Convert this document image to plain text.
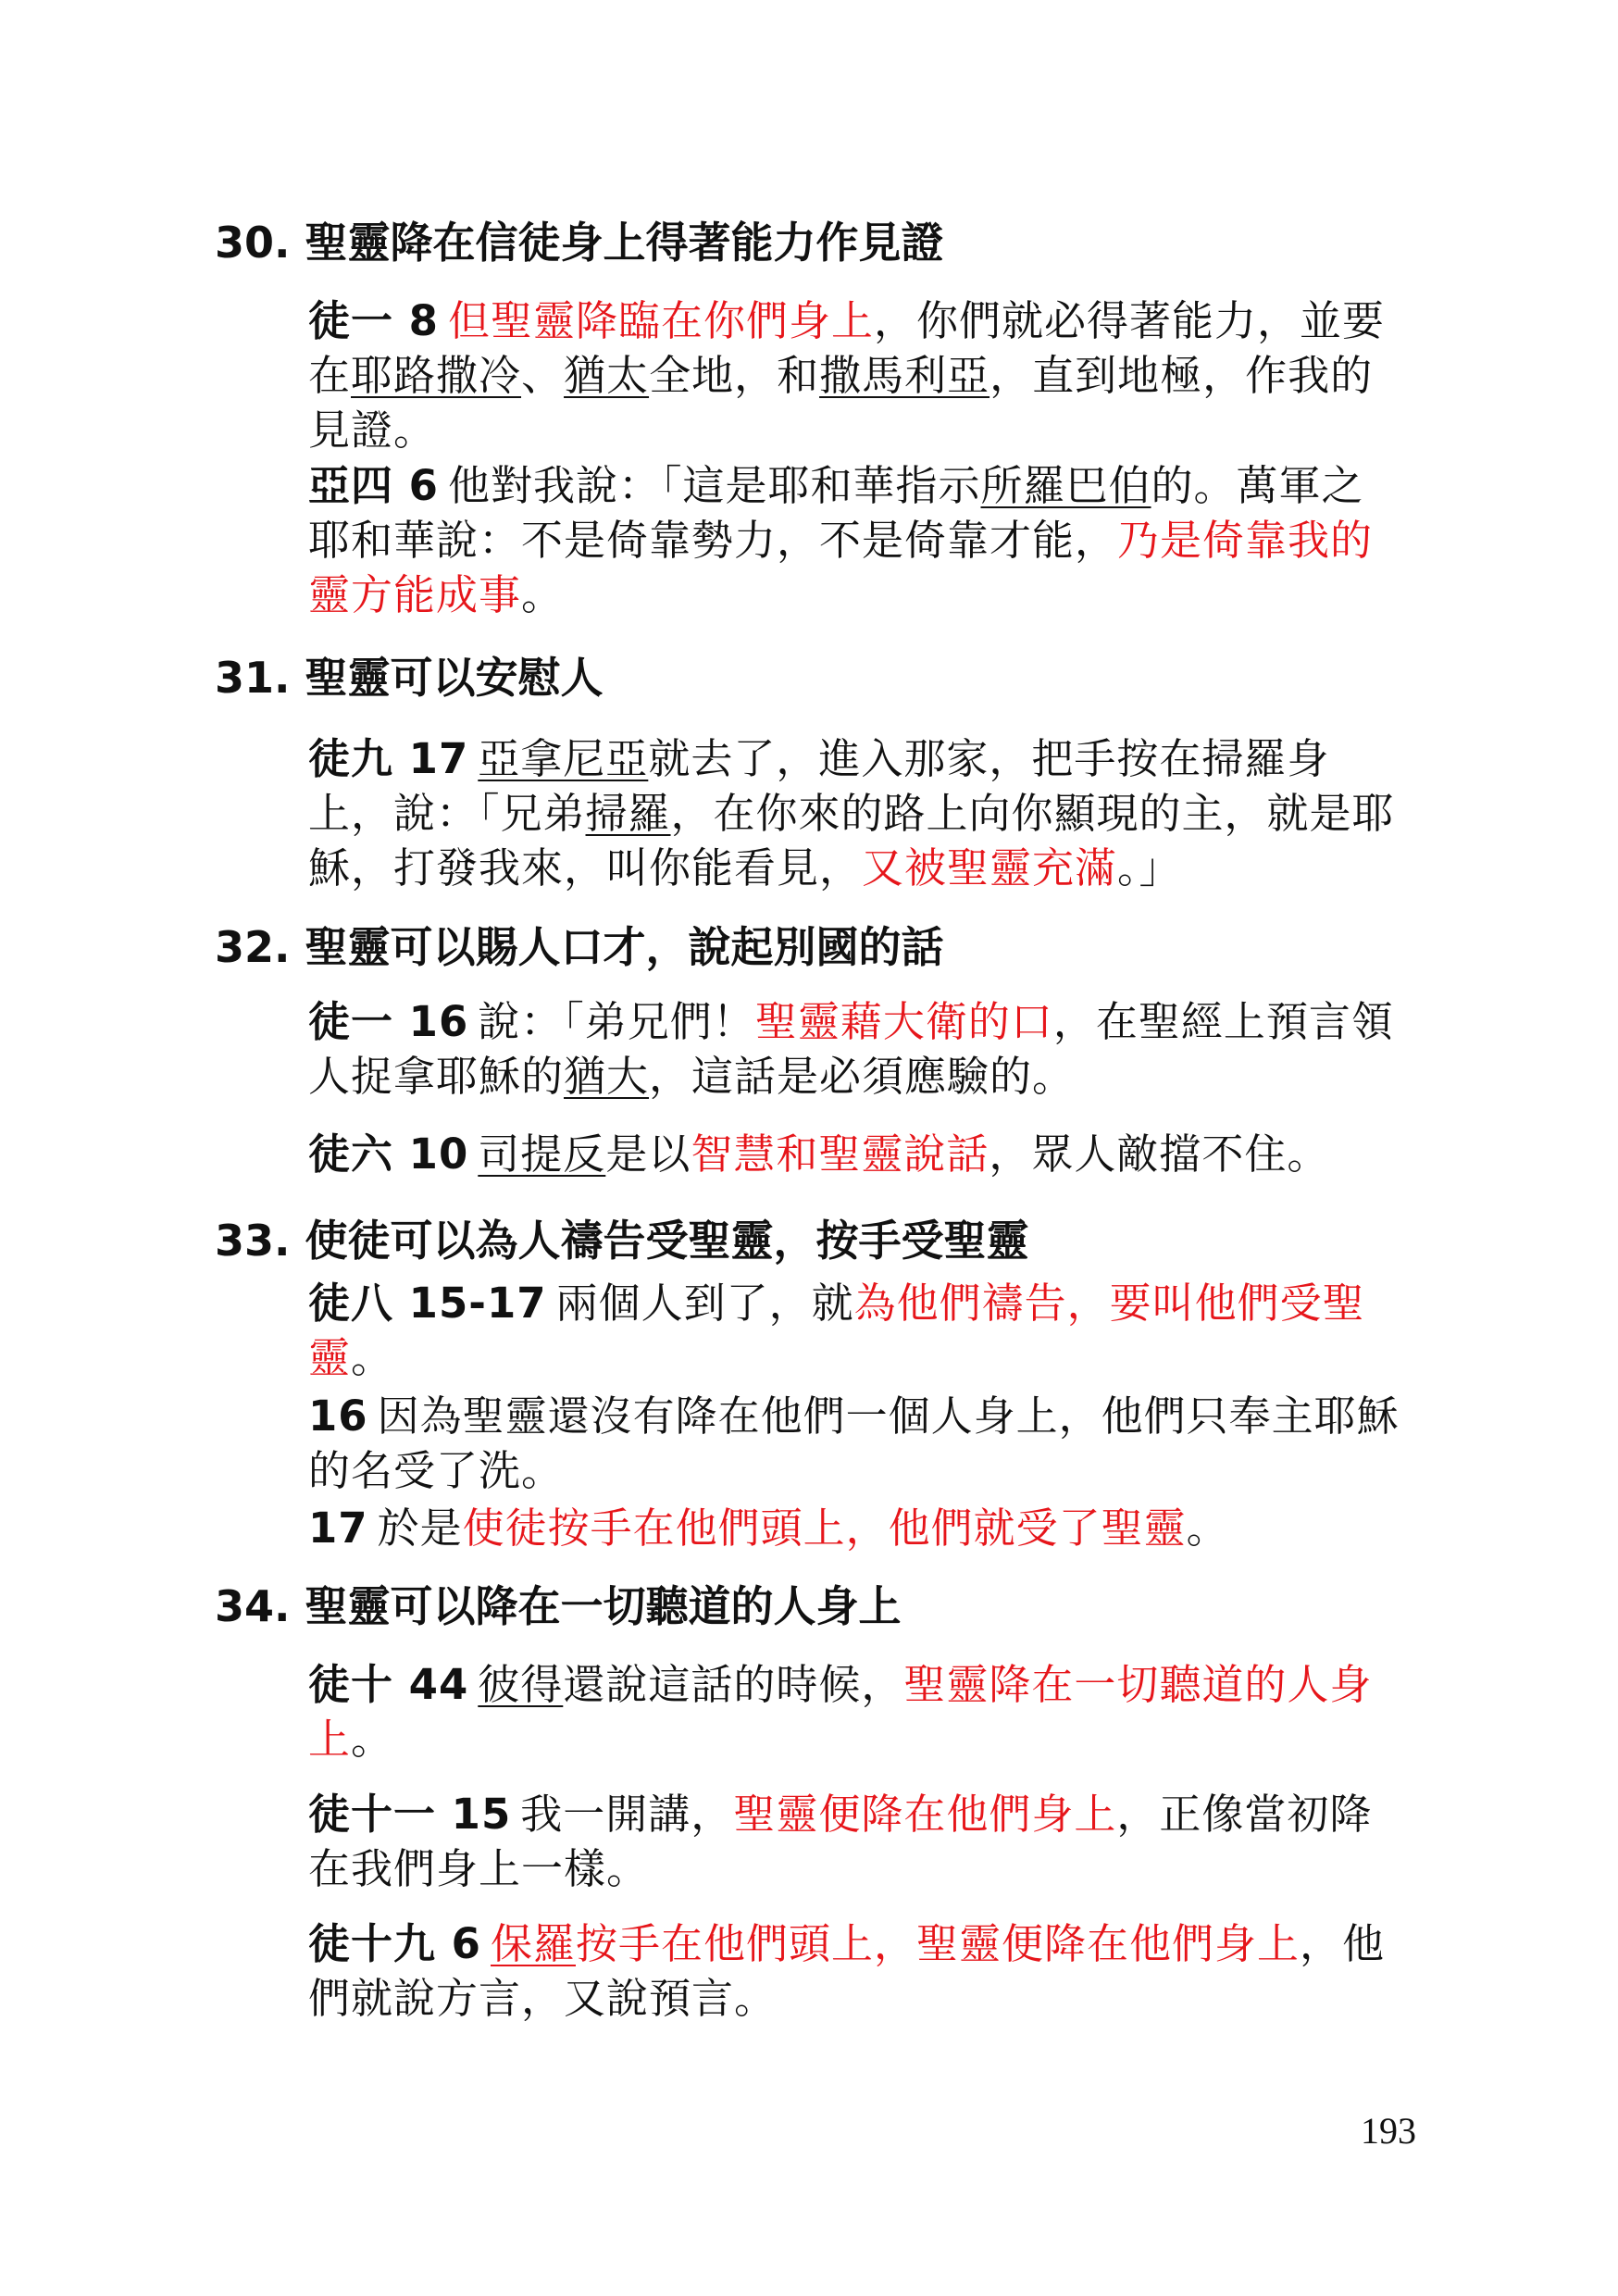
30. 聖靈降在信徒身上得著能力作見證
徒一 8 但聖靈降臨在你們身上，你們就必得著能力，並要在耶路撒冷、猶太全地，和撒馬利亞，直到地極，作我的見證。
亞四 6 他對我說：「這是耶和華指示所羅巴伯的。萬軍之耶和華說：不是倚靠勢力，不是倚靠才能，乃是倚靠我的靈方能成事。
31. 聖靈可以安慰人
徒九 17 亞拿尼亞就去了，進入那家，把手按在掃羅身上，說：「兄弟掃羅，在你來的路上向你顯現的主，就是耶穌，打發我來，叫你能看見，又被聖靈充滿。」
32. 聖靈可以賜人口才，說起別國的話
徒一 16 說：「弟兄們！聖靈藉大衛的口，在聖經上預言領人捉拿耶穌的猶大，這話是必須應驗的。
徒六 10 司提反是以智慧和聖靈說話，眾人敵擋不住。
33. 使徒可以為人禱告受聖靈，按手受聖靈
徒八 15-17 兩個人到了，就為他們禱告，要叫他們受聖靈。
16 因為聖靈還沒有降在他們一個人身上，他們只奉主耶穌的名受了洗。
17 於是使徒按手在他們頭上，他們就受了聖靈。
34. 聖靈可以降在一切聽道的人身上
徒十 44 彼得還說這話的時候，聖靈降在一切聽道的人身上。
徒十一 15 我一開講，聖靈便降在他們身上，正像當初降在我們身上一樣。
徒十九 6 保羅按手在他們頭上，聖靈便降在他們身上，他們就說方言，又說預言。
193
